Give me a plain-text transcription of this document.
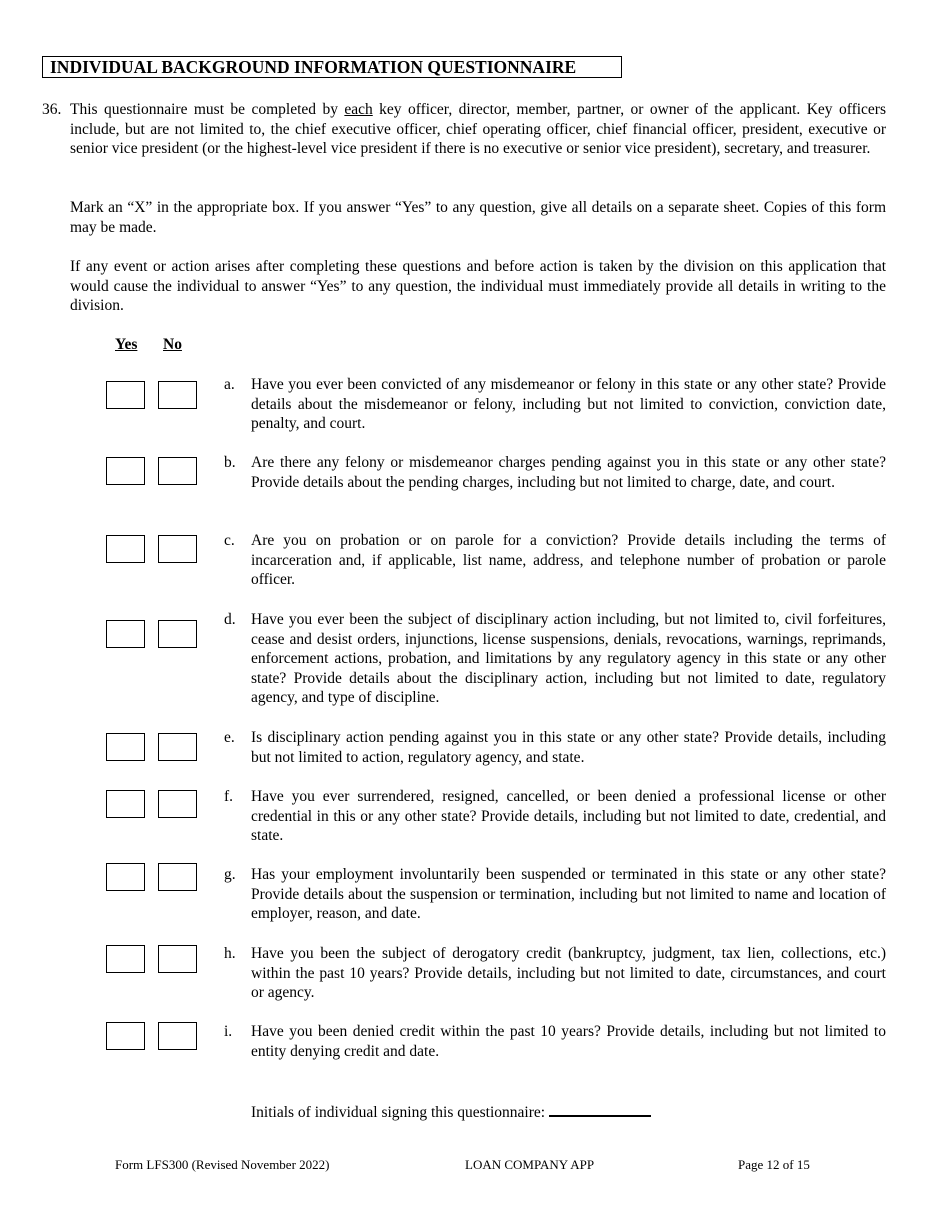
INDIVIDUAL BACKGROUND INFORMATION QUESTIONNAIRE
36. This questionnaire must be completed by each key officer, director, member, partner, or owner of the applicant. Key officers include, but are not limited to, the chief executive officer, chief operating officer, chief financial officer, president, executive or senior vice president (or the highest-level vice president if there is no executive or senior vice president), secretary, and treasurer.
Mark an “X” in the appropriate box. If you answer “Yes” to any question, give all details on a separate sheet. Copies of this form may be made.
If any event or action arises after completing these questions and before action is taken by the division on this application that would cause the individual to answer “Yes” to any question, the individual must immediately provide all details in writing to the division.
Yes No
a. Have you ever been convicted of any misdemeanor or felony in this state or any other state? Provide details about the misdemeanor or felony, including but not limited to conviction, conviction date, penalty, and court.
b. Are there any felony or misdemeanor charges pending against you in this state or any other state? Provide details about the pending charges, including but not limited to charge, date, and court.
c. Are you on probation or on parole for a conviction? Provide details including the terms of incarceration and, if applicable, list name, address, and telephone number of probation or parole officer.
d. Have you ever been the subject of disciplinary action including, but not limited to, civil forfeitures, cease and desist orders, injunctions, license suspensions, denials, revocations, warnings, reprimands, enforcement actions, probation, and limitations by any regulatory agency in this state or any other state? Provide details about the disciplinary action, including but not limited to date, regulatory agency, and type of discipline.
e. Is disciplinary action pending against you in this state or any other state? Provide details, including but not limited to action, regulatory agency, and state.
f. Have you ever surrendered, resigned, cancelled, or been denied a professional license or other credential in this or any other state? Provide details, including but not limited to date, credential, and state.
g. Has your employment involuntarily been suspended or terminated in this state or any other state? Provide details about the suspension or termination, including but not limited to name and location of employer, reason, and date.
h. Have you been the subject of derogatory credit (bankruptcy, judgment, tax lien, collections, etc.) within the past 10 years? Provide details, including but not limited to date, circumstances, and court or agency.
i. Have you been denied credit within the past 10 years? Provide details, including but not limited to entity denying credit and date.
Initials of individual signing this questionnaire:
Form LFS300 (Revised November 2022)	LOAN COMPANY APP	Page 12 of 15
